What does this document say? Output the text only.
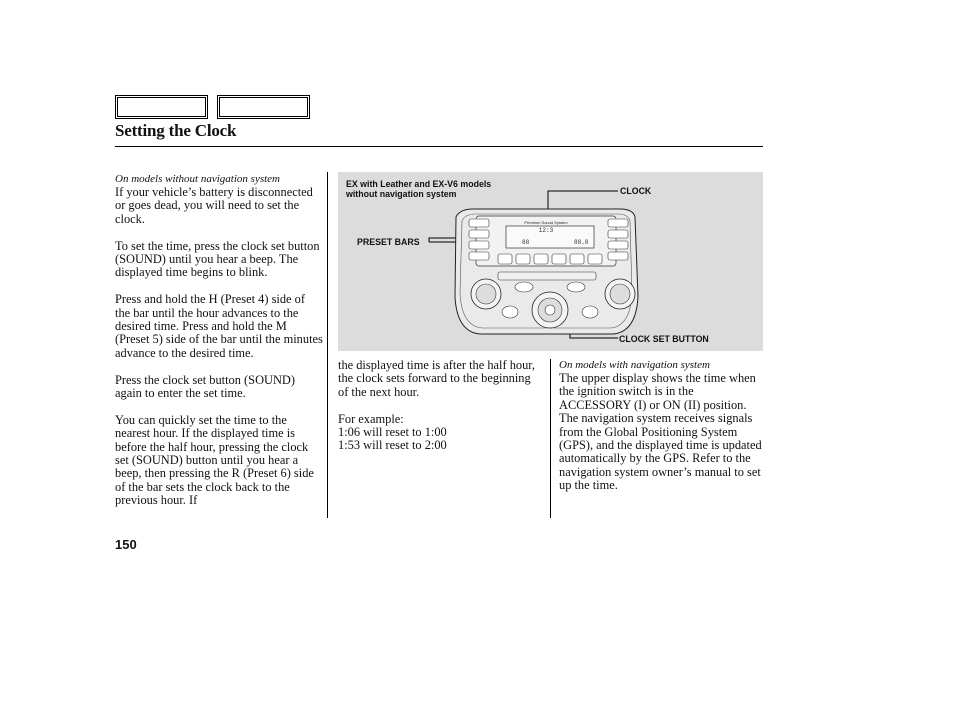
Setting the Clock
On models without navigation system

If your vehicle’s battery is disconnected or goes dead, you will need to set the clock.

To set the time, press the clock set button (SOUND) until you hear a beep. The displayed time begins to blink.

Press and hold the H (Preset 4) side of the bar until the hour advances to the desired time. Press and hold the M (Preset 5) side of the bar until the minutes advance to the desired time.

Press the clock set button (SOUND) again to enter the set time.

You can quickly set the time to the nearest hour. If the displayed time is before the half hour, pressing the clock set (SOUND) button until you hear a beep, then pressing the R (Preset 6) side of the bar sets the clock back to the previous hour. If

EX with Leather and EX-V6 models
without navigation system	CLOCK
PRESET BARS
CLOCK SET BUTTON
Premium Sound System
88
12:3
88.8

the displayed time is after the half hour, the clock sets forward to the beginning of the next hour.

For example:
1:06 will reset to 1:00
1:53 will reset to 2:00
On models with navigation system

The upper display shows the time when the ignition switch is in the ACCESSORY (I) or ON (II) position. The navigation system receives signals from the Global Positioning System (GPS), and the displayed time is updated automatically by the GPS. Refer to the navigation system owner’s manual to set up the time.

150
